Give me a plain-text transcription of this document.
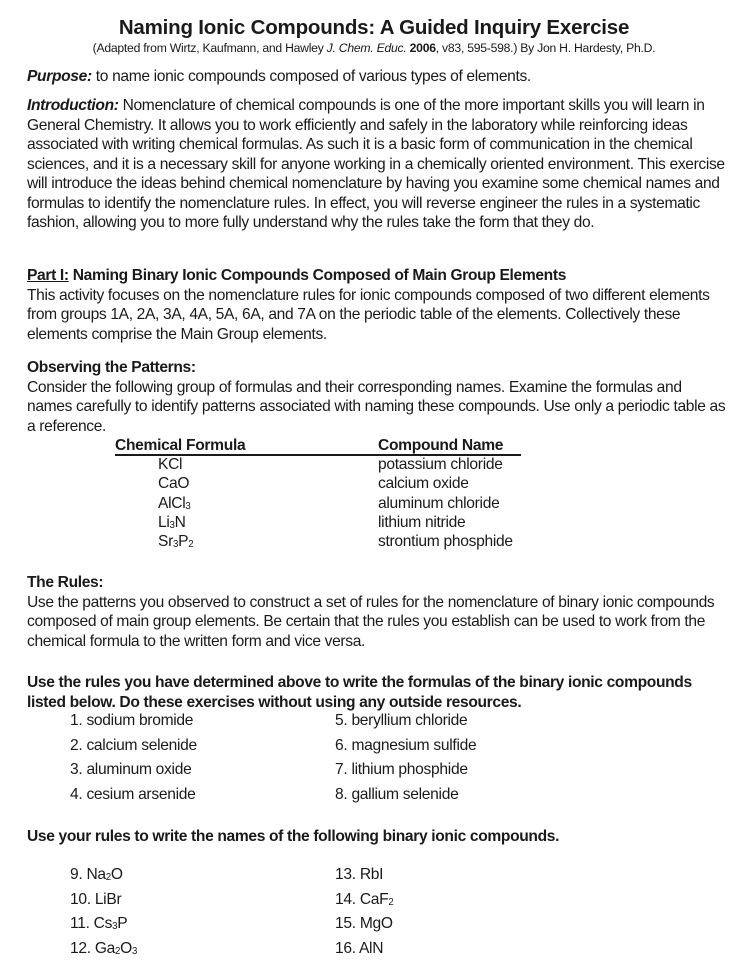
Naming Ionic Compounds: A Guided Inquiry Exercise
(Adapted from Wirtz, Kaufmann, and Hawley J. Chem. Educ. 2006, v83, 595-598.) By Jon H. Hardesty, Ph.D.
Purpose: to name ionic compounds composed of various types of elements.
Introduction: Nomenclature of chemical compounds is one of the more important skills you will learn in General Chemistry. It allows you to work efficiently and safely in the laboratory while reinforcing ideas associated with writing chemical formulas. As such it is a basic form of communication in the chemical sciences, and it is a necessary skill for anyone working in a chemically oriented environment. This exercise will introduce the ideas behind chemical nomenclature by having you examine some chemical names and formulas to identify the nomenclature rules. In effect, you will reverse engineer the rules in a systematic fashion, allowing you to more fully understand why the rules take the form that they do.
Part I: Naming Binary Ionic Compounds Composed of Main Group Elements
This activity focuses on the nomenclature rules for ionic compounds composed of two different elements from groups 1A, 2A, 3A, 4A, 5A, 6A, and 7A on the periodic table of the elements. Collectively these elements comprise the Main Group elements.
Observing the Patterns:
Consider the following group of formulas and their corresponding names. Examine the formulas and names carefully to identify patterns associated with naming these compounds. Use only a periodic table as a reference.
Chemical Formula	Compound Name
KCl	potassium chloride
CaO	calcium oxide
AlCl$_3$	aluminum chloride
$Li_3N$	lithium nitride
$Sr_3P_2$	strontium phosphide
The Rules:
Use the patterns you observed to construct a set of rules for the nomenclature of binary ionic compounds composed of main group elements. Be certain that the rules you establish can be used to work from the chemical formula to the written form and vice versa.
Use the rules you have determined above to write the formulas of the binary ionic compounds listed below. Do these exercises without using any outside resources.
1. sodium bromide
2. calcium selenide
3. aluminum oxide
4. cesium arsenide
5. beryllium chloride
6. magnesium sulfide
7. lithium phosphide
8. gallium selenide
Use your rules to write the names of the following binary ionic compounds.
9. $Na_2O$
10. LiBr
11. $Cs_3P$
12. $Ga_2O_3$
13. RbI
14. CaF$_2$
15. MgO
16. AlN
